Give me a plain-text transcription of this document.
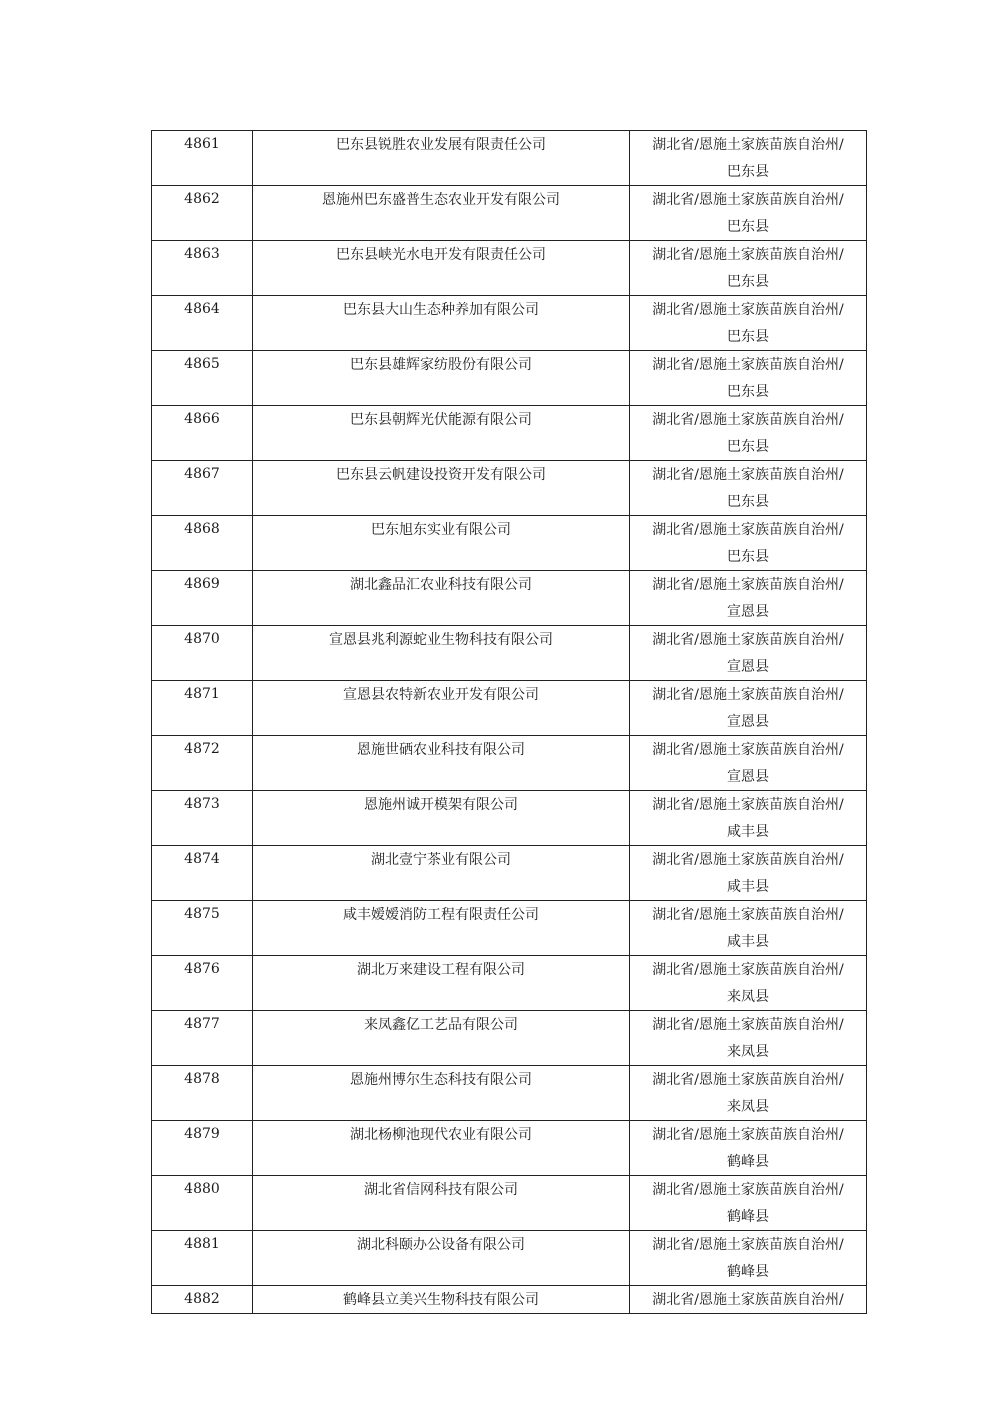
4861	巴东县锐胜农业发展有限责任公司	湖北省/恩施土家族苗族自治州/
巴东县

4862	恩施州巴东盛普生态农业开发有限公司	湖北省/恩施土家族苗族自治州/
巴东县

4863	巴东县峡光水电开发有限责任公司	湖北省/恩施土家族苗族自治州/
巴东县

4864	巴东县大山生态种养加有限公司	湖北省/恩施土家族苗族自治州/
巴东县

4865	巴东县雄辉家纺股份有限公司	湖北省/恩施土家族苗族自治州/
巴东县

4866	巴东县朝辉光伏能源有限公司	湖北省/恩施土家族苗族自治州/
巴东县

4867	巴东县云帆建设投资开发有限公司	湖北省/恩施土家族苗族自治州/
巴东县

4868	巴东旭东实业有限公司	湖北省/恩施土家族苗族自治州/
巴东县

4869	湖北鑫品汇农业科技有限公司	湖北省/恩施土家族苗族自治州/
宣恩县

4870	宣恩县兆利源蛇业生物科技有限公司	湖北省/恩施土家族苗族自治州/
宣恩县

4871	宣恩县农特新农业开发有限公司	湖北省/恩施土家族苗族自治州/
宣恩县

4872	恩施世硒农业科技有限公司	湖北省/恩施土家族苗族自治州/
宣恩县

4873	恩施州诚开模架有限公司	湖北省/恩施土家族苗族自治州/
咸丰县

4874	湖北壹宁茶业有限公司	湖北省/恩施土家族苗族自治州/
咸丰县

4875	咸丰嫒嫒消防工程有限责任公司	湖北省/恩施土家族苗族自治州/
咸丰县

4876	湖北万来建设工程有限公司	湖北省/恩施土家族苗族自治州/
来凤县

4877	来凤鑫亿工艺品有限公司	湖北省/恩施土家族苗族自治州/
来凤县

4878	恩施州博尔生态科技有限公司	湖北省/恩施土家族苗族自治州/
来凤县

4879	湖北杨柳池现代农业有限公司	湖北省/恩施土家族苗族自治州/
鹤峰县

4880	湖北省信网科技有限公司	湖北省/恩施土家族苗族自治州/
鹤峰县

4881	湖北科颐办公设备有限公司	湖北省/恩施土家族苗族自治州/
鹤峰县

4882	鹤峰县立美兴生物科技有限公司	湖北省/恩施土家族苗族自治州/
